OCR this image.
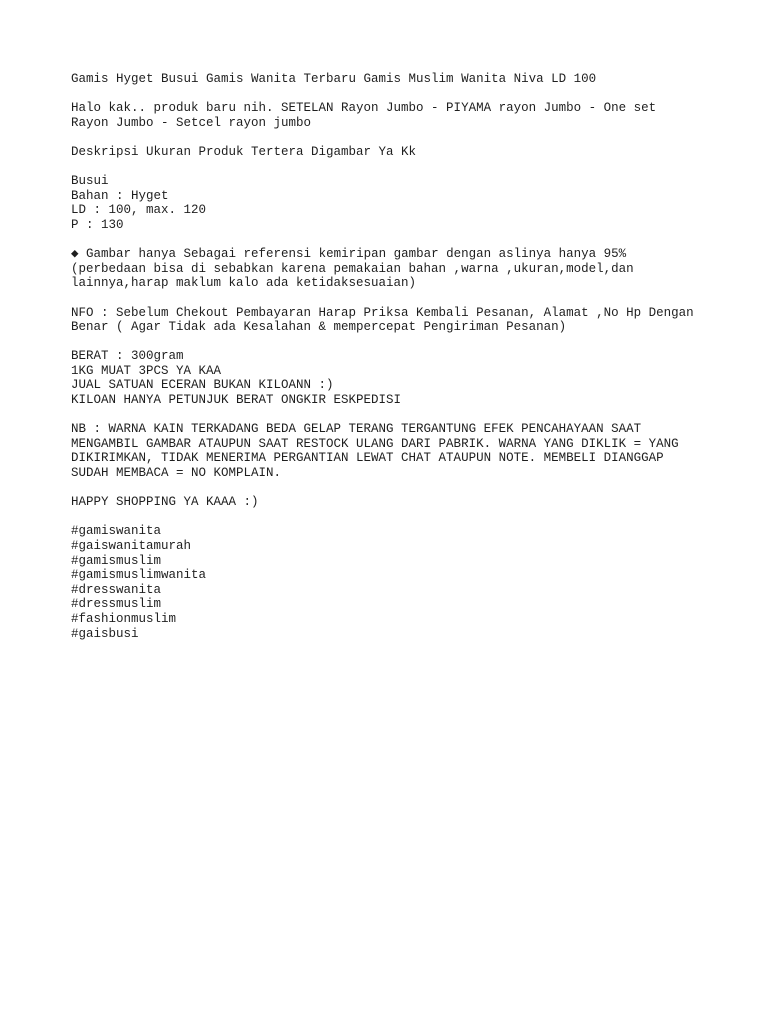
Gamis Hyget Busui Gamis Wanita Terbaru Gamis Muslim Wanita Niva LD 100
Halo kak.. produk baru nih. SETELAN Rayon Jumbo - PIYAMA rayon Jumbo - One set
Rayon Jumbo - Setcel rayon jumbo
Deskripsi Ukuran Produk Tertera Digambar Ya Kk
Busui
Bahan : Hyget
LD : 100, max. 120
P : 130
◆ Gambar hanya Sebagai referensi kemiripan gambar dengan aslinya hanya 95%
(perbedaan bisa di sebabkan karena pemakaian bahan ,warna ,ukuran,model,dan
lainnya,harap maklum kalo ada ketidaksesuaian)
NFO : Sebelum Chekout Pembayaran Harap Priksa Kembali Pesanan, Alamat ,No Hp Dengan
Benar ( Agar Tidak ada Kesalahan & mempercepat Pengiriman Pesanan)
BERAT : 300gram
1KG MUAT 3PCS YA KAA
JUAL SATUAN ECERAN BUKAN KILOANN :)
KILOAN HANYA PETUNJUK BERAT ONGKIR ESKPEDISI
NB : WARNA KAIN TERKADANG BEDA GELAP TERANG TERGANTUNG EFEK PENCAHAYAAN SAAT
MENGAMBIL GAMBAR ATAUPUN SAAT RESTOCK ULANG DARI PABRIK. WARNA YANG DIKLIK = YANG
DIKIRIMKAN, TIDAK MENERIMA PERGANTIAN LEWAT CHAT ATAUPUN NOTE. MEMBELI DIANGGAP
SUDAH MEMBACA = NO KOMPLAIN.
HAPPY SHOPPING YA KAAA :)
#gamiswanita
#gaiswanitamurah
#gamismuslim
#gamismuslimwanita
#dresswanita
#dressmuslim
#fashionmuslim
#gaisbusi
